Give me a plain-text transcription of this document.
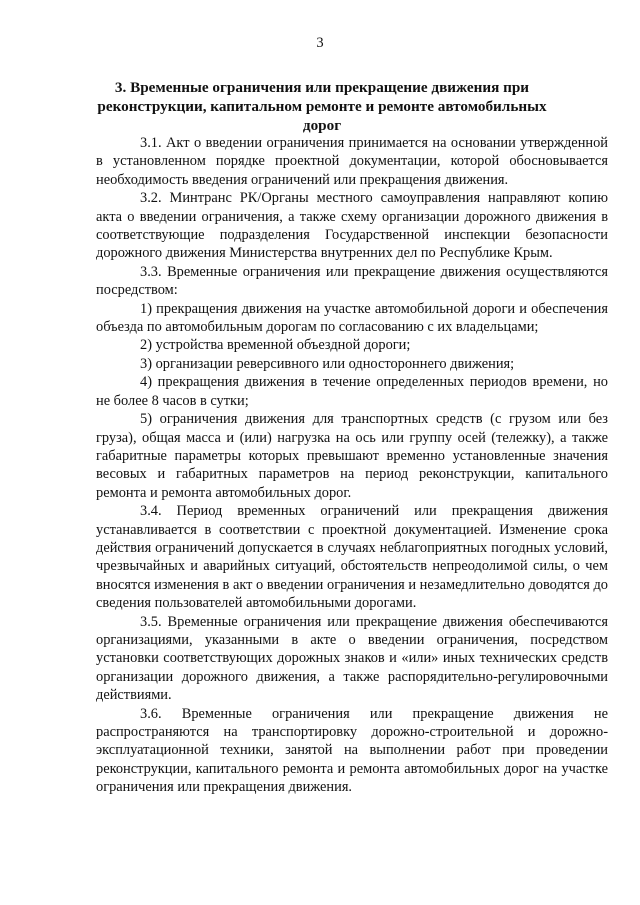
3
3. Временные ограничения или прекращение движения при реконструкции, капитальном ремонте и ремонте автомобильных дорог

3.1. Акт о введении ограничения принимается на основании утвержденной в установленном порядке проектной документации, которой обосновывается необходимость введения ограничений или прекращения движения.

3.2. Минтранс РК/Органы местного самоуправления направляют копию акта о введении ограничения, а также схему организации дорожного движения в соответствующие подразделения Государственной инспекции безопасности дорожного движения Министерства внутренних дел по Республике Крым.

3.3. Временные ограничения или прекращение движения осуществляются посредством:

1) прекращения движения на участке автомобильной дороги и обеспечения объезда по автомобильным дорогам по согласованию с их владельцами;

2) устройства временной объездной дороги;

3) организации реверсивного или одностороннего движения;

4) прекращения движения в течение определенных периодов времени, но не более 8 часов в сутки;

5) ограничения движения для транспортных средств (с грузом или без груза), общая масса и (или) нагрузка на ось или группу осей (тележку), а также габаритные параметры которых превышают временно установленные значения весовых и габаритных параметров на период реконструкции, капитального ремонта и ремонта автомобильных дорог.

3.4. Период временных ограничений или прекращения движения устанавливается в соответствии с проектной документацией. Изменение срока действия ограничений допускается в случаях неблагоприятных погодных условий, чрезвычайных и аварийных ситуаций, обстоятельств непреодолимой силы, о чем вносятся изменения в акт о введении ограничения и незамедлительно доводятся до сведения пользователей автомобильными дорогами.

3.5. Временные ограничения или прекращение движения обеспечиваются организациями, указанными в акте о введении ограничения, посредством установки соответствующих дорожных знаков и «или» иных технических средств организации дорожного движения, а также распорядительно-регулировочными действиями.

3.6. Временные ограничения или прекращение движения не распространяются на транспортировку дорожно-строительной и дорожно-эксплуатационной техники, занятой на выполнении работ при проведении реконструкции, капитального ремонта и ремонта автомобильных дорог на участке ограничения или прекращения движения.
